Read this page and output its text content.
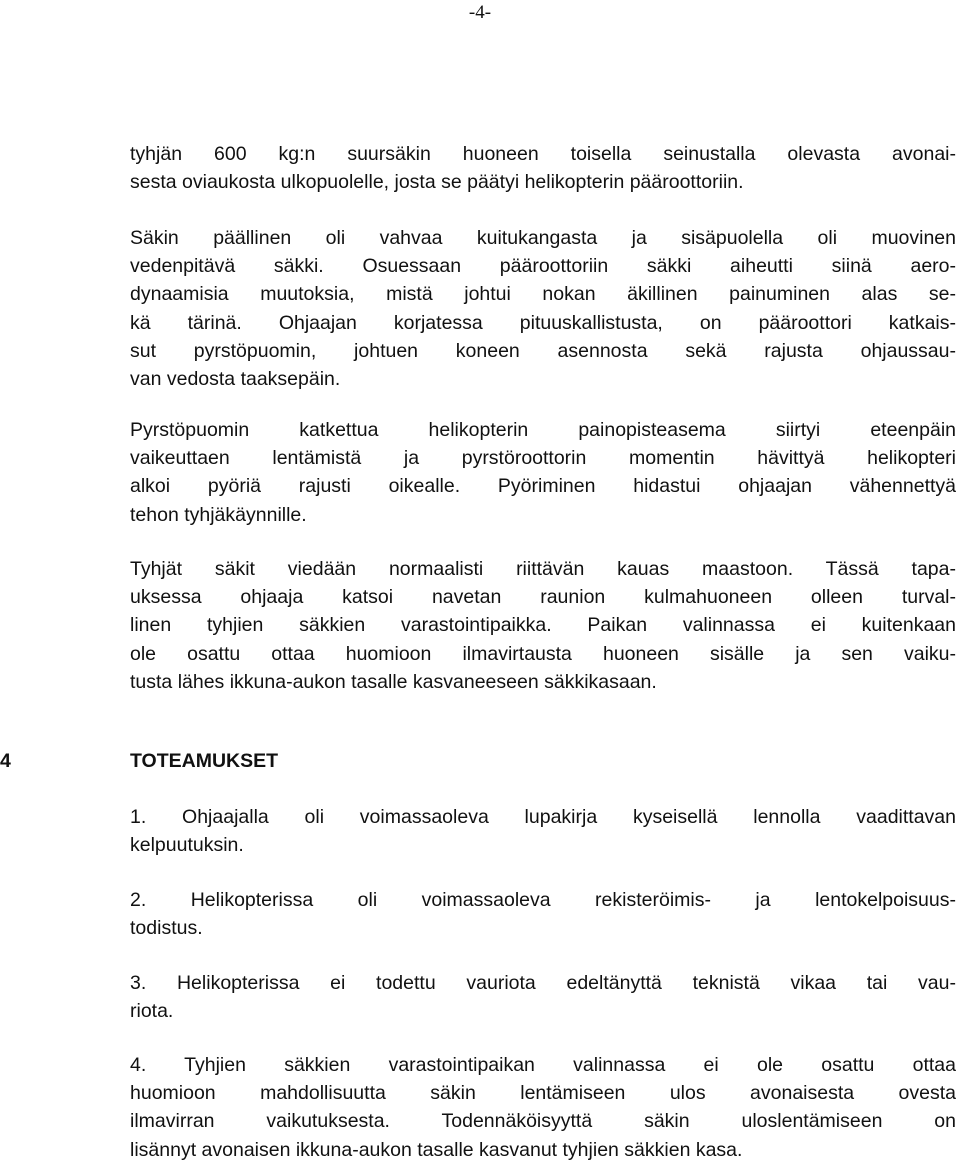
-4-
tyhjän 600 kg:n suursäkin huoneen toisella seinustalla olevasta avonai-
sesta oviaukosta ulkopuolelle, josta se päätyi helikopterin pääroottoriin.
Säkin päällinen oli vahvaa kuitukangasta ja sisäpuolella oli muovinen
vedenpitävä säkki. Osuessaan pääroottoriin säkki aiheutti siinä aero-
dynaamisia muutoksia, mistä johtui nokan äkillinen painuminen alas se-
kä tärinä. Ohjaajan korjatessa pituuskallistusta, on pääroottori katkais-
sut pyrstöpuomin, johtuen koneen asennosta sekä rajusta ohjaussau-
van vedosta taaksepäin.
Pyrstöpuomin katkettua helikopterin painopisteasema siirtyi eteenpäin
vaikeuttaen lentämistä ja pyrstöroottorin momentin hävittyä helikopteri
alkoi pyöriä rajusti oikealle. Pyöriminen hidastui ohjaajan vähennettyä
tehon tyhjäkäynnille.
Tyhjät säkit viedään normaalisti riittävän kauas maastoon. Tässä tapa-
uksessa ohjaaja katsoi navetan raunion kulmahuoneen olleen turval-
linen tyhjien säkkien varastointipaikka. Paikan valinnassa ei kuitenkaan
ole osattu ottaa huomioon ilmavirtausta huoneen sisälle ja sen vaiku-
tusta lähes ikkuna-aukon tasalle kasvaneeseen säkkikasaan.
4	TOTEAMUKSET
1. Ohjaajalla oli voimassaoleva lupakirja kyseisellä lennolla vaadittavan
kelpuutuksin.
2. Helikopterissa oli voimassaoleva rekisteröimis- ja lentokelpoisuus-
todistus.
3. Helikopterissa ei todettu vauriota edeltänyttä teknistä vikaa tai vau-
riota.
4. Tyhjien säkkien varastointipaikan valinnassa ei ole osattu ottaa
huomioon mahdollisuutta säkin lentämiseen ulos avonaisesta ovesta
ilmavirran vaikutuksesta. Todennäköisyyttä säkin uloslentämiseen on
lisännyt avonaisen ikkuna-aukon tasalle kasvanut tyhjien säkkien kasa.
